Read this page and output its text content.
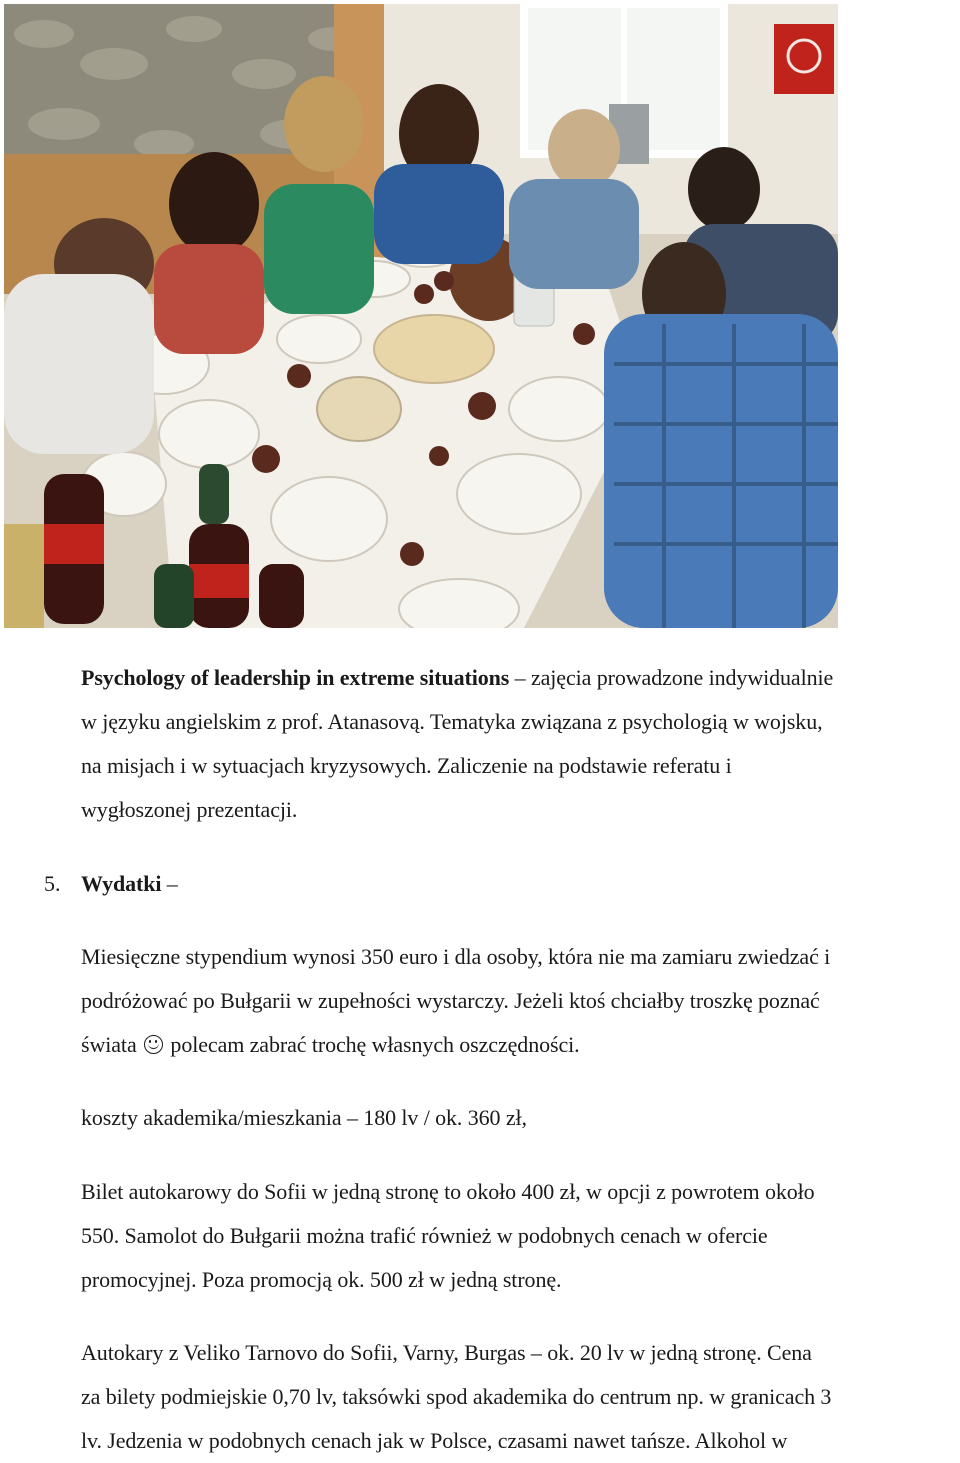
Psychology of leadership in extreme situations – zajęcia prowadzone indywidualnie

w języku angielskim z prof. Atanasovą. Tematyka związana z psychologią w wojsku,

na misjach i w sytuacjach kryzysowych. Zaliczenie na podstawie referatu i

wygłoszonej prezentacji.

5. Wydatki –

Miesięczne stypendium wynosi 350 euro i dla osoby, która nie ma zamiaru zwiedzać i

podróżować po Bułgarii w zupełności wystarczy. Jeżeli ktoś chciałby troszkę poznać

świata polecam zabrać trochę własnych oszczędności.

koszty akademika/mieszkania – 180 lv / ok. 360 zł,

Bilet autokarowy do Sofii w jedną stronę to około 400 zł, w opcji z powrotem około

550. Samolot do Bułgarii można trafić również w podobnych cenach w ofercie

promocyjnej. Poza promocją ok. 500 zł w jedną stronę.

Autokary z Veliko Tarnovo do Sofii, Varny, Burgas – ok. 20 lv w jedną stronę. Cena

za bilety podmiejskie 0,70 lv, taksówki spod akademika do centrum np. w granicach 3

lv. Jedzenia w podobnych cenach jak w Polsce, czasami nawet tańsze. Alkohol w
